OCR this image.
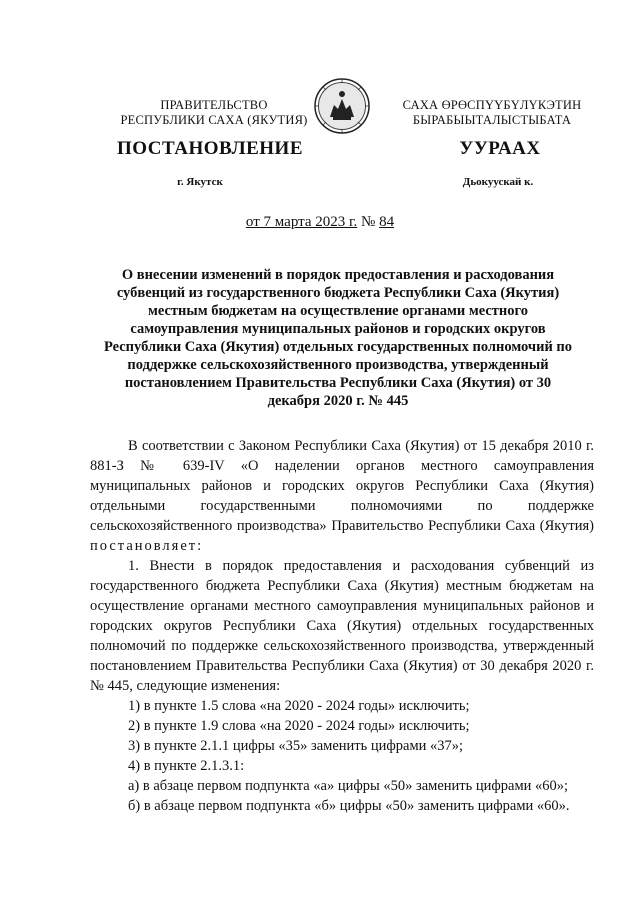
ПРАВИТЕЛЬСТВО
РЕСПУБЛИКИ САХА (ЯКУТИЯ)
САХА ӨРӨСПҮҮБҮЛҮКЭТИН
БЫРАБЫЫТАЛЫСТЫБАТА
ПОСТАНОВЛЕНИЕ	УУРААХ
г. Якутск	Дьокуускай к.
от 7 марта 2023 г. № 84
О внесении изменений в порядок предоставления и расходования субвенций из государственного бюджета Республики Саха (Якутия) местным бюджетам на осуществление органами местного самоуправления муниципальных районов и городских округов Республики Саха (Якутия) отдельных государственных полномочий по поддержке сельскохозяйственного производства, утвержденный постановлением Правительства Республики Саха (Якутия) от 30 декабря 2020 г. № 445

В соответствии с Законом Республики Саха (Якутия) от 15 декабря 2010 г. 881-З № 639-IV «О наделении органов местного самоуправления муниципальных районов и городских округов Республики Саха (Якутия) отдельными государственными полномочиями по поддержке сельскохозяйственного производства» Правительство Республики Саха (Якутия) постановляет:

1. Внести в порядок предоставления и расходования субвенций из государственного бюджета Республики Саха (Якутия) местным бюджетам на осуществление органами местного самоуправления муниципальных районов и городских округов Республики Саха (Якутия) отдельных государственных полномочий по поддержке сельскохозяйственного производства, утвержденный постановлением Правительства Республики Саха (Якутия) от 30 декабря 2020 г. № 445, следующие изменения:

1) в пункте 1.5 слова «на 2020 - 2024 годы» исключить;

2) в пункте 1.9 слова «на 2020 - 2024 годы» исключить;

3) в пункте 2.1.1 цифры «35» заменить цифрами «37»;

4) в пункте 2.1.3.1:

а) в абзаце первом подпункта «а» цифры «50» заменить цифрами «60»;

б) в абзаце первом подпункта «б» цифры «50» заменить цифрами «60».
